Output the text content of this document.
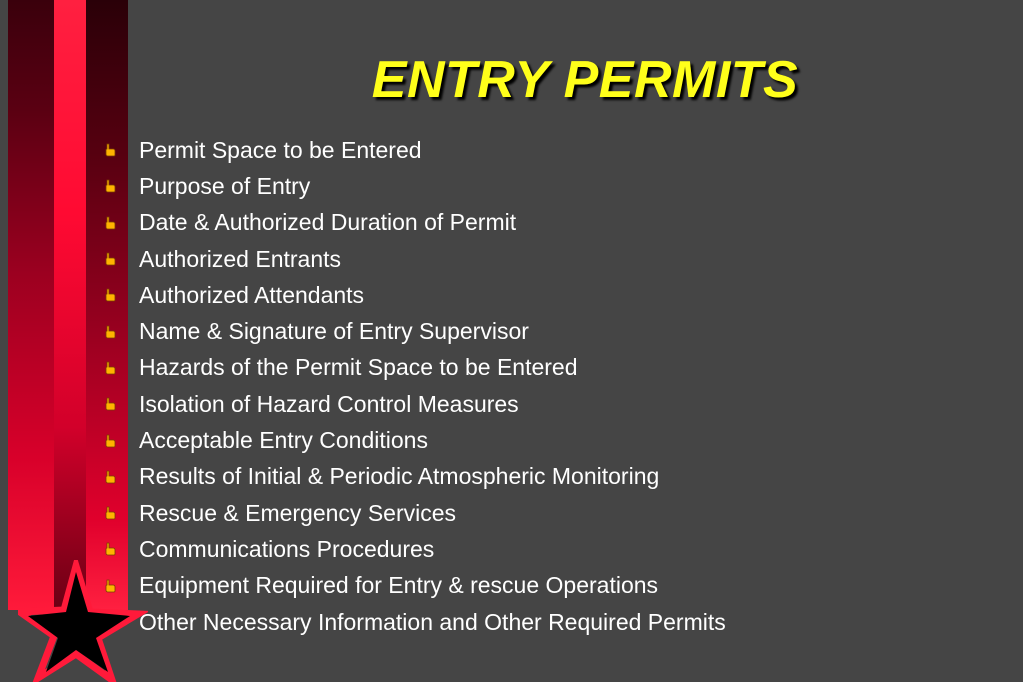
ENTRY PERMITS
Permit Space to be Entered
Purpose of Entry
Date & Authorized Duration of Permit
Authorized Entrants
Authorized Attendants
Name & Signature of Entry Supervisor
Hazards of the Permit Space to be Entered
Isolation of Hazard Control Measures
Acceptable Entry Conditions
Results of Initial & Periodic Atmospheric Monitoring
Rescue & Emergency Services
Communications Procedures
Equipment Required for Entry & rescue Operations
Other Necessary Information and Other Required Permits
